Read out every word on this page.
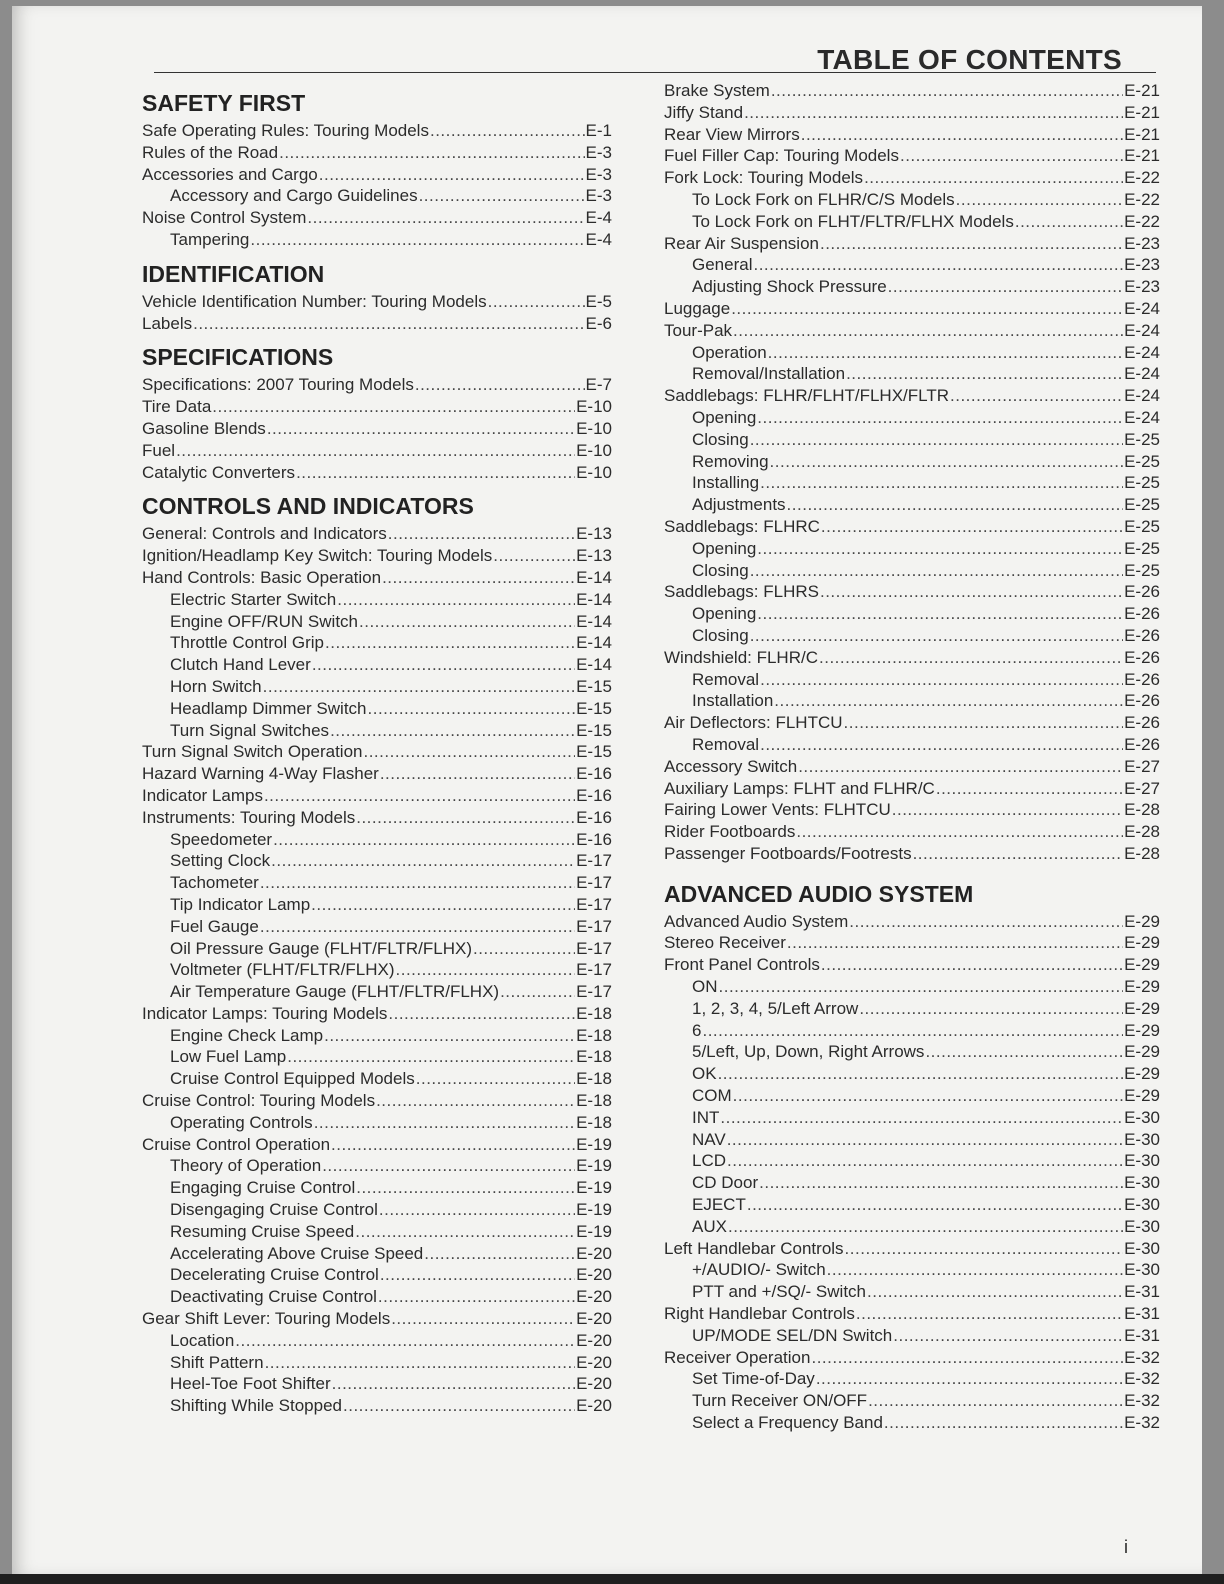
TABLE OF CONTENTS
SAFETY FIRST
Safe Operating Rules: Touring Models .....	E-1
Rules of the Road .....	E-3
Accessories and Cargo .....	E-3
Accessory and Cargo Guidelines .....	E-3
Noise Control System .....	E-4
Tampering .....	E-4
IDENTIFICATION
Vehicle Identification Number: Touring Models .....	E-5
Labels .....	E-6
SPECIFICATIONS
Specifications: 2007 Touring Models .....	E-7
Tire Data .....	E-10
Gasoline Blends .....	E-10
Fuel .....	E-10
Catalytic Converters .....	E-10
CONTROLS AND INDICATORS
General: Controls and Indicators .....	E-13
Ignition/Headlamp Key Switch: Touring Models .....	E-13
Hand Controls: Basic Operation .....	E-14
Electric Starter Switch .....	E-14
Engine OFF/RUN Switch .....	E-14
Throttle Control Grip .....	E-14
Clutch Hand Lever .....	E-14
Horn Switch .....	E-15
Headlamp Dimmer Switch .....	E-15
Turn Signal Switches .....	E-15
Turn Signal Switch Operation .....	E-15
Hazard Warning 4-Way Flasher .....	E-16
Indicator Lamps .....	E-16
Instruments: Touring Models .....	E-16
Speedometer .....	E-16
Setting Clock .....	E-17
Tachometer .....	E-17
Tip Indicator Lamp .....	E-17
Fuel Gauge .....	E-17
Oil Pressure Gauge (FLHT/FLTR/FLHX) .....	E-17
Voltmeter (FLHT/FLTR/FLHX) .....	E-17
Air Temperature Gauge (FLHT/FLTR/FLHX) .....	E-17
Indicator Lamps: Touring Models .....	E-18
Engine Check Lamp .....	E-18
Low Fuel Lamp .....	E-18
Cruise Control Equipped Models .....	E-18
Cruise Control: Touring Models .....	E-18
Operating Controls .....	E-18
Cruise Control Operation .....	E-19
Theory of Operation .....	E-19
Engaging Cruise Control .....	E-19
Disengaging Cruise Control .....	E-19
Resuming Cruise Speed .....	E-19
Accelerating Above Cruise Speed .....	E-20
Decelerating Cruise Control .....	E-20
Deactivating Cruise Control .....	E-20
Gear Shift Lever: Touring Models .....	E-20
Location .....	E-20
Shift Pattern .....	E-20
Heel-Toe Foot Shifter .....	E-20
Shifting While Stopped .....	E-20
Brake System .....	E-21
Jiffy Stand .....	E-21
Rear View Mirrors .....	E-21
Fuel Filler Cap: Touring Models .....	E-21
Fork Lock: Touring Models .....	E-22
To Lock Fork on FLHR/C/S Models .....	E-22
To Lock Fork on FLHT/FLTR/FLHX Models .....	E-22
Rear Air Suspension .....	E-23
General .....	E-23
Adjusting Shock Pressure .....	E-23
Luggage .....	E-24
Tour-Pak .....	E-24
Operation .....	E-24
Removal/Installation .....	E-24
Saddlebags: FLHR/FLHT/FLHX/FLTR .....	E-24
Opening .....	E-24
Closing .....	E-25
Removing .....	E-25
Installing .....	E-25
Adjustments .....	E-25
Saddlebags: FLHRC .....	E-25
Opening .....	E-25
Closing .....	E-25
Saddlebags: FLHRS .....	E-26
Opening .....	E-26
Closing .....	E-26
Windshield: FLHR/C .....	E-26
Removal .....	E-26
Installation .....	E-26
Air Deflectors: FLHTCU .....	E-26
Removal .....	E-26
Accessory Switch .....	E-27
Auxiliary Lamps: FLHT and FLHR/C .....	E-27
Fairing Lower Vents: FLHTCU .....	E-28
Rider Footboards .....	E-28
Passenger Footboards/Footrests .....	E-28
ADVANCED AUDIO SYSTEM
Advanced Audio System .....	E-29
Stereo Receiver .....	E-29
Front Panel Controls .....	E-29
ON .....	E-29
1, 2, 3, 4, 5/Left Arrow .....	E-29
6 .....	E-29
5/Left, Up, Down, Right Arrows .....	E-29
OK .....	E-29
COM .....	E-29
INT .....	E-30
NAV .....	E-30
LCD .....	E-30
CD Door .....	E-30
EJECT .....	E-30
AUX .....	E-30
Left Handlebar Controls .....	E-30
+/AUDIO/- Switch .....	E-30
PTT and +/SQ/- Switch .....	E-31
Right Handlebar Controls .....	E-31
UP/MODE SEL/DN Switch .....	E-31
Receiver Operation .....	E-32
Set Time-of-Day .....	E-32
Turn Receiver ON/OFF .....	E-32
Select a Frequency Band .....	E-32
i
